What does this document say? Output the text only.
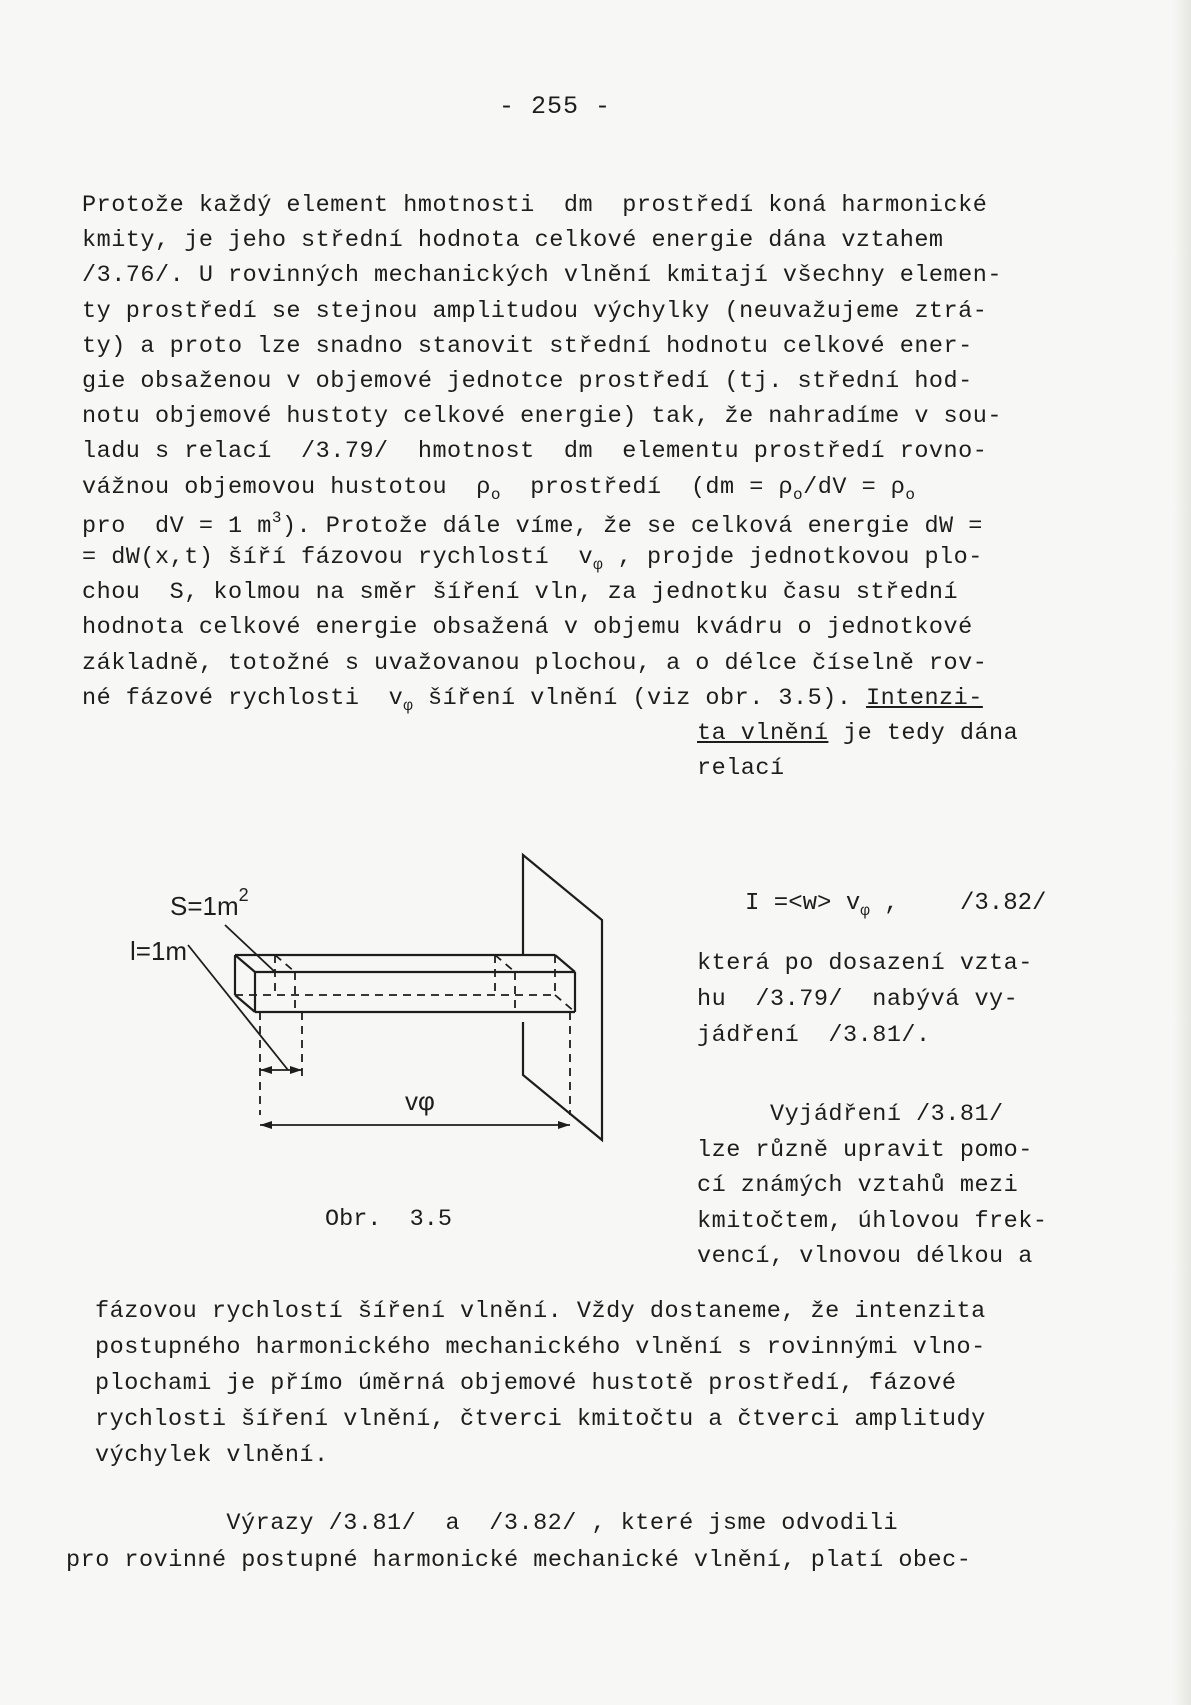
- 255 -
Protože každý element hmotnosti  dm  prostředí koná harmonické
kmity, je jeho střední hodnota celkové energie dána vztahem
/3.76/. U rovinných mechanických vlnění kmitají všechny elemen-
ty prostředí se stejnou amplitudou výchylky (neuvažujeme ztrá-
ty) a proto lze snadno stanovit střední hodnotu celkové ener-
gie obsaženou v objemové jednotce prostředí (tj. střední hod-
notu objemové hustoty celkové energie) tak, že nahradíme v sou-
ladu s relací  /3.79/  hmotnost  dm  elementu prostředí rovno-
vážnou objemovou hustotou  $\rho_o$  prostředí  ($dm = \rho_o/dV = \rho_o$
pro  dV = 1 $m^3$). Protože dále víme, že se celková energie dW =
= dW(x,t) šíří fázovou rychlostí  $v_\varphi$ , projde jednotkovou plo-
chou  S, kolmou na směr šíření vln, za jednotku času střední
hodnota celkové energie obsažená v objemu kvádru o jednotkové
základně, totožné s uvažovanou plochou, a o délce číselně rov-
né fázové rychlosti  $v_\varphi$ šíření vlnění (viz obr. 3.5). Intenzi-
ta vlnění je tedy dána
relací
$I =<w> v_\varphi$ ,	/3.82/
která po dosazení vzta-
hu  /3.79/  nabývá vy-
jádření  /3.81/.
Vyjádření /3.81/
lze různě upravit pomo-
cí známých vztahů mezi
kmitočtem, úhlovou frek-
vencí, vlnovou délkou a
fázovou rychlostí šíření vlnění. Vždy dostaneme, že intenzita
postupného harmonického mechanického vlnění s rovinnými vlno-
plochami je přímo úměrná objemové hustotě prostředí, fázové
rychlosti šíření vlnění, čtverci kmitočtu a čtverci amplitudy
výchylek vlnění.
Výrazy /3.81/  a  /3.82/ , které jsme odvodili
pro rovinné postupné harmonické mechanické vlnění, platí obec-
$S=1m^2$
l=1m
vφ
Obr.  3.5
